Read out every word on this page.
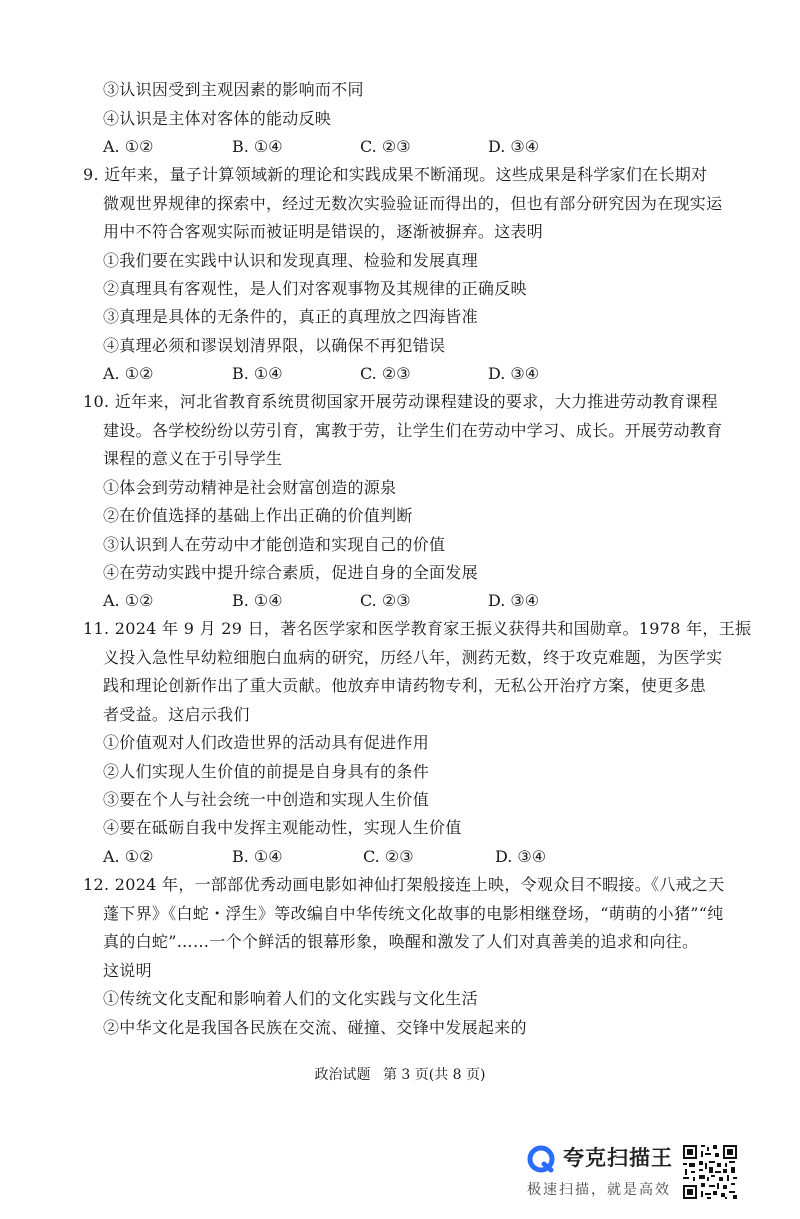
③认识因受到主观因素的影响而不同
④认识是主体对客体的能动反映
A. ①②	B. ①④	C. ②③	D. ③④
9. 近年来，量子计算领域新的理论和实践成果不断涌现。这些成果是科学家们在长期对
微观世界规律的探索中，经过无数次实验验证而得出的，但也有部分研究因为在现实运
用中不符合客观实际而被证明是错误的，逐渐被摒弃。这表明
①我们要在实践中认识和发现真理、检验和发展真理
②真理具有客观性，是人们对客观事物及其规律的正确反映
③真理是具体的无条件的，真正的真理放之四海皆准
④真理必须和谬误划清界限，以确保不再犯错误
A. ①②	B. ①④	C. ②③	D. ③④
10. 近年来，河北省教育系统贯彻国家开展劳动课程建设的要求，大力推进劳动教育课程
建设。各学校纷纷以劳引育，寓教于劳，让学生们在劳动中学习、成长。开展劳动教育
课程的意义在于引导学生
①体会到劳动精神是社会财富创造的源泉
②在价值选择的基础上作出正确的价值判断
③认识到人在劳动中才能创造和实现自己的价值
④在劳动实践中提升综合素质，促进自身的全面发展
A. ①②	B. ①④	C. ②③	D. ③④
11. 2024 年 9 月 29 日，著名医学家和医学教育家王振义获得共和国勋章。1978 年，王振
义投入急性早幼粒细胞白血病的研究，历经八年，测药无数，终于攻克难题，为医学实
践和理论创新作出了重大贡献。他放弃申请药物专利，无私公开治疗方案，使更多患
者受益。这启示我们
①价值观对人们改造世界的活动具有促进作用
②人们实现人生价值的前提是自身具有的条件
③要在个人与社会统一中创造和实现人生价值
④要在砥砺自我中发挥主观能动性，实现人生价值
A. ①②	B. ①④	C. ②③	D. ③④
12. 2024 年，一部部优秀动画电影如神仙打架般接连上映，令观众目不暇接。《八戒之天
蓬下界》《白蛇・浮生》等改编自中华传统文化故事的电影相继登场，“萌萌的小猪”“纯
真的白蛇”……一个个鲜活的银幕形象，唤醒和激发了人们对真善美的追求和向往。
这说明
①传统文化支配和影响着人们的文化实践与文化生活
②中华文化是我国各民族在交流、碰撞、交锋中发展起来的
政治试题 第 3 页(共 8 页)
夸克扫描王
极速扫描，就是高效
